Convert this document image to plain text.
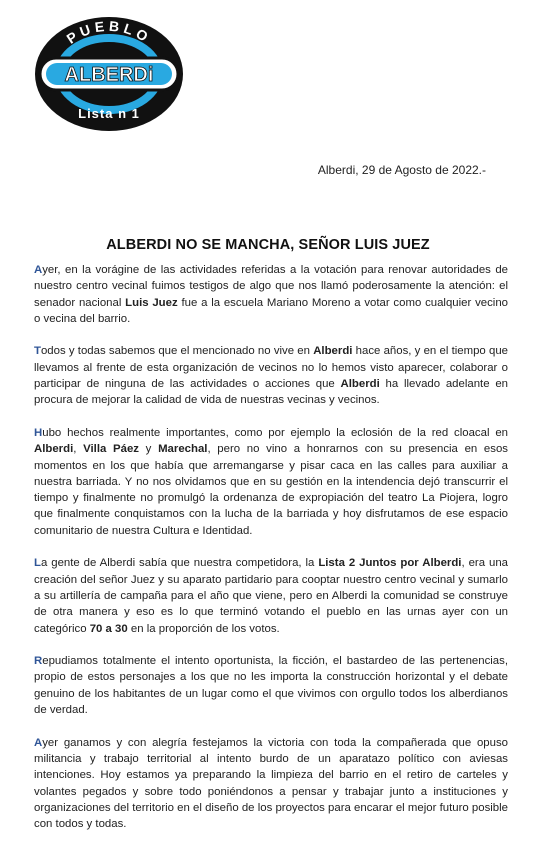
PUEBLO
ALBERDi
Lista n 1
Alberdi, 29 de Agosto de 2022.-
ALBERDI NO SE MANCHA, SEÑOR LUIS JUEZ

Ayer, en la vorágine de las actividades referidas a la votación para renovar autoridades de nuestro centro vecinal fuimos testigos de algo que nos llamó poderosamente la atención: el senador nacional Luis Juez fue a la escuela Mariano Moreno a votar como cualquier vecino o vecina del barrio.

Todos y todas sabemos que el mencionado no vive en Alberdi hace años, y en el tiempo que llevamos al frente de esta organización de vecinos no lo hemos visto aparecer, colaborar o participar de ninguna de las actividades o acciones que Alberdi ha llevado adelante en procura de mejorar la calidad de vida de nuestras vecinas y vecinos.

Hubo hechos realmente importantes, como por ejemplo la eclosión de la red cloacal en Alberdi, Villa Páez y Marechal, pero no vino a honrarnos con su presencia en esos momentos en los que había que arremangarse y pisar caca en las calles para auxiliar a nuestra barriada. Y no nos olvidamos que en su gestión en la intendencia dejó transcurrir el tiempo y finalmente no promulgó la ordenanza de expropiación del teatro La Piojera, logro que finalmente conquistamos con la lucha de la barriada y hoy disfrutamos de ese espacio comunitario de nuestra Cultura e Identidad.

La gente de Alberdi sabía que nuestra competidora, la Lista 2 Juntos por Alberdi, era una creación del señor Juez y su aparato partidario para cooptar nuestro centro vecinal y sumarlo a su artillería de campaña para el año que viene, pero en Alberdi la comunidad se construye de otra manera y eso es lo que terminó votando el pueblo en las urnas ayer con un categórico 70 a 30 en la proporción de los votos.

Repudiamos totalmente el intento oportunista, la ficción, el bastardeo de las pertenencias, propio de estos personajes a los que no les importa la construcción horizontal y el debate genuino de los habitantes de un lugar como el que vivimos con orgullo todos los alberdianos de verdad.

Ayer ganamos y con alegría festejamos la victoria con toda la compañerada que opuso militancia y trabajo territorial al intento burdo de un aparatazo político con aviesas intenciones. Hoy estamos ya preparando la limpieza del barrio en el retiro de carteles y volantes pegados y sobre todo poniéndonos a pensar y trabajar junto a instituciones y organizaciones del territorio en el diseño de los proyectos para encarar el mejor futuro posible con todos y todas.
